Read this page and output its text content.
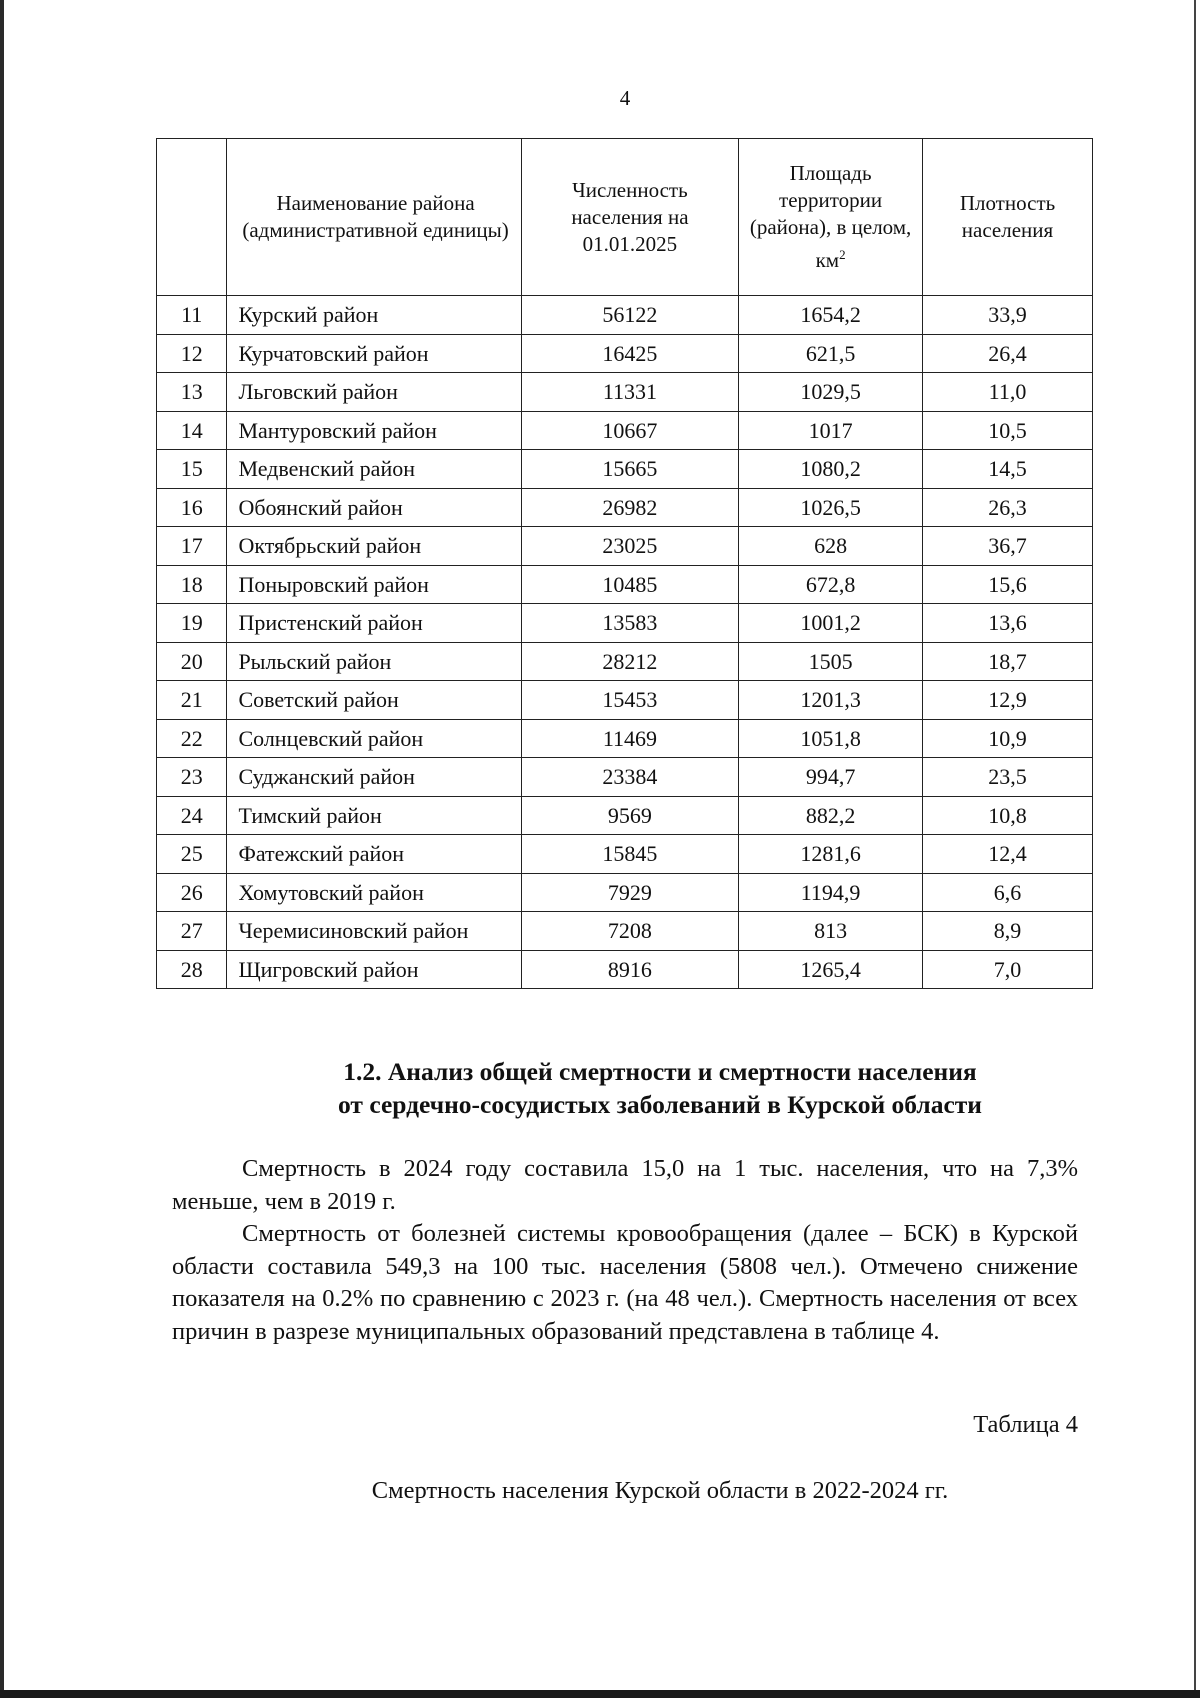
4
	Наименование района (административной единицы)	Численность населения на 01.01.2025	Площадь территории (района), в целом, $км^2$	Плотность населения
11	Курский район	56122	1654,2	33,9
12	Курчатовский район	16425	621,5	26,4
13	Льговский район	11331	1029,5	11,0
14	Мантуровский район	10667	1017	10,5
15	Медвенский район	15665	1080,2	14,5
16	Обоянский район	26982	1026,5	26,3
17	Октябрьский район	23025	628	36,7
18	Поныровский район	10485	672,8	15,6
19	Пристенский район	13583	1001,2	13,6
20	Рыльский район	28212	1505	18,7
21	Советский район	15453	1201,3	12,9
22	Солнцевский район	11469	1051,8	10,9
23	Суджанский район	23384	994,7	23,5
24	Тимский район	9569	882,2	10,8
25	Фатежский район	15845	1281,6	12,4
26	Хомутовский район	7929	1194,9	6,6
27	Черемисиновский район	7208	813	8,9
28	Щигровский район	8916	1265,4	7,0
1.2. Анализ общей смертности и смертности населения
от сердечно-сосудистых заболеваний в Курской области
Смертность в 2024 году составила 15,0 на 1 тыс. населения, что на 7,3% меньше, чем в 2019 г.
Смертность от болезней системы кровообращения (далее – БСК) в Курской области составила 549,3 на 100 тыс. населения (5808 чел.). Отмечено снижение показателя на 0.2% по сравнению с 2023 г. (на 48 чел.). Смертность населения от всех причин в разрезе муниципальных образований представлена в таблице 4.
Таблица 4
Смертность населения Курской области в 2022-2024 гг.
